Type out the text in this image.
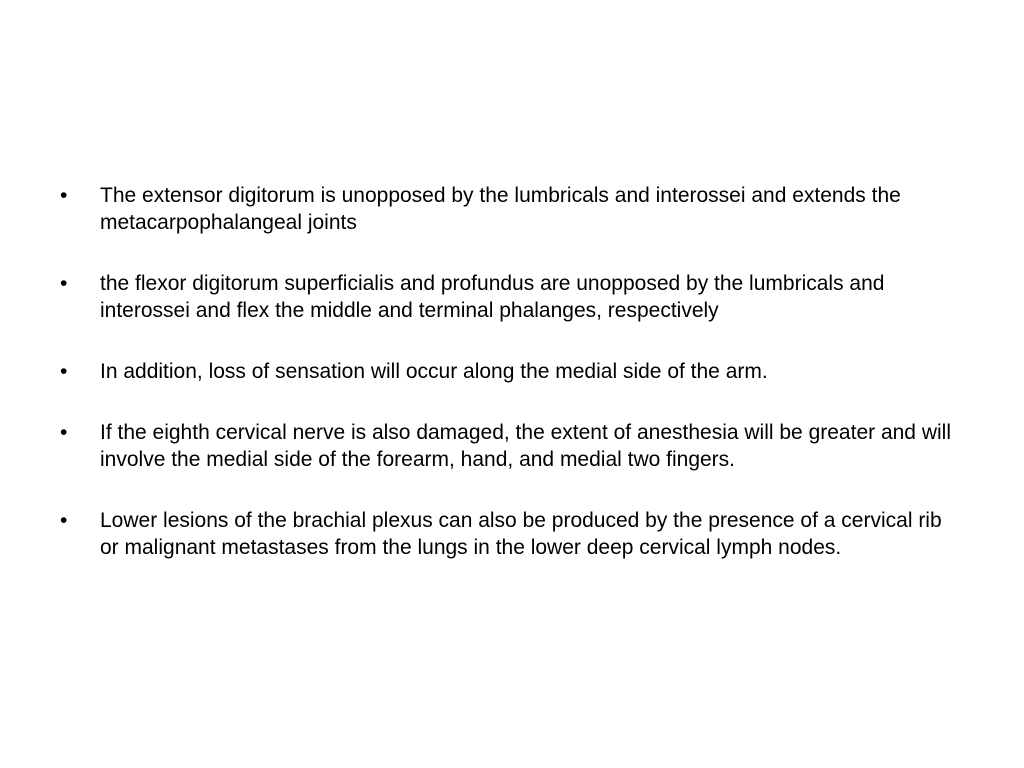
•	The extensor digitorum is unopposed by the lumbricals and interossei and extends the metacarpophalangeal joints
•	the flexor digitorum superficialis and profundus are unopposed by the lumbricals and interossei and flex the middle and terminal phalanges, respectively
•	In addition, loss of sensation will occur along the medial side of the arm.
•	If the eighth cervical nerve is also damaged, the extent of anesthesia will be greater and will involve the medial side of the forearm, hand, and medial two fingers.
•	Lower lesions of the brachial plexus can also be produced by the presence of a cervical rib or malignant metastases from the lungs in the lower deep cervical lymph nodes.
